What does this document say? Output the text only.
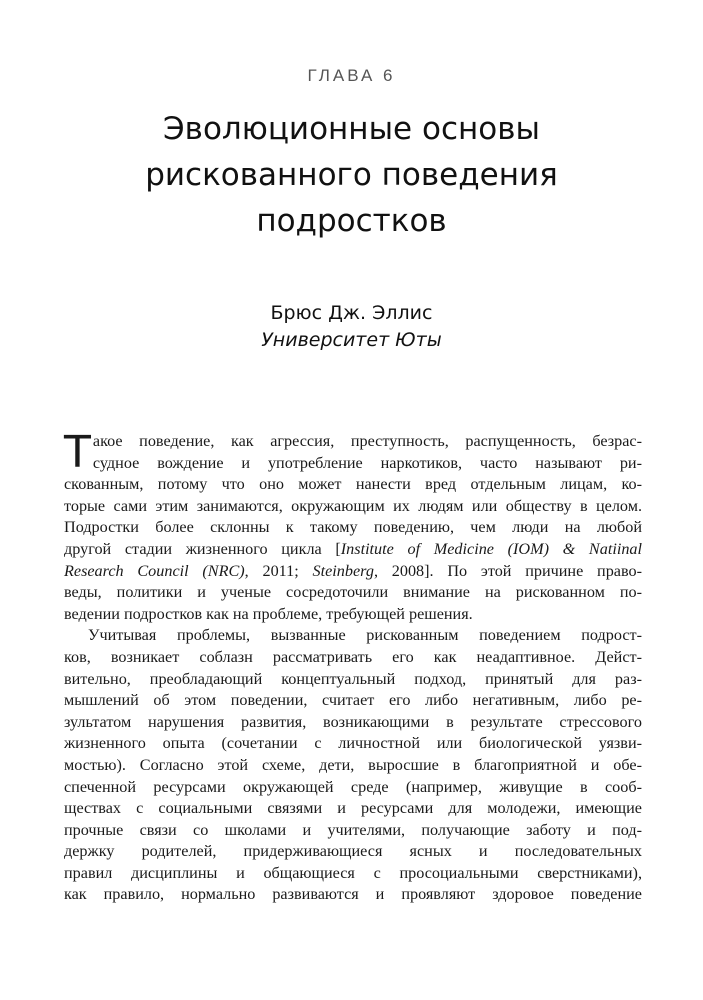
ГЛАВА 6
Эволюционные основы
рискованного поведения
подростков
Брюс Дж. Эллис
Университет Юты
Т акое поведение, как агрессия, преступность, распущенность, безрас-
судное вождение и употребление наркотиков, часто называют ри-
скованным, потому что оно может нанести вред отдельным лицам, ко-
торые сами этим занимаются, окружающим их людям или обществу в целом.
Подростки более склонны к такому поведению, чем люди на любой
другой стадии жизненного цикла [Institute of Medicine (IOM) & Natiinal
Research Council (NRC), 2011; Steinberg, 2008]. По этой причине право-
веды, политики и ученые сосредоточили внимание на рискованном по-
ведении подростков как на проблеме, требующей решения.
Учитывая проблемы, вызванные рискованным поведением подрост-
ков, возникает соблазн рассматривать его как неадаптивное. Дейст-
вительно, преобладающий концептуальный подход, принятый для раз-
мышлений об этом поведении, считает его либо негативным, либо ре-
зультатом нарушения развития, возникающими в результате стрессового
жизненного опыта (сочетании с личностной или биологической уязви-
мостью). Согласно этой схеме, дети, выросшие в благоприятной и обе-
спеченной ресурсами окружающей среде (например, живущие в сооб-
ществах с социальными связями и ресурсами для молодежи, имеющие
прочные связи со школами и учителями, получающие заботу и под-
держку родителей, придерживающиеся ясных и последовательных
правил дисциплины и общающиеся с просоциальными сверстниками),
как правило, нормально развиваются и проявляют здоровое поведение
